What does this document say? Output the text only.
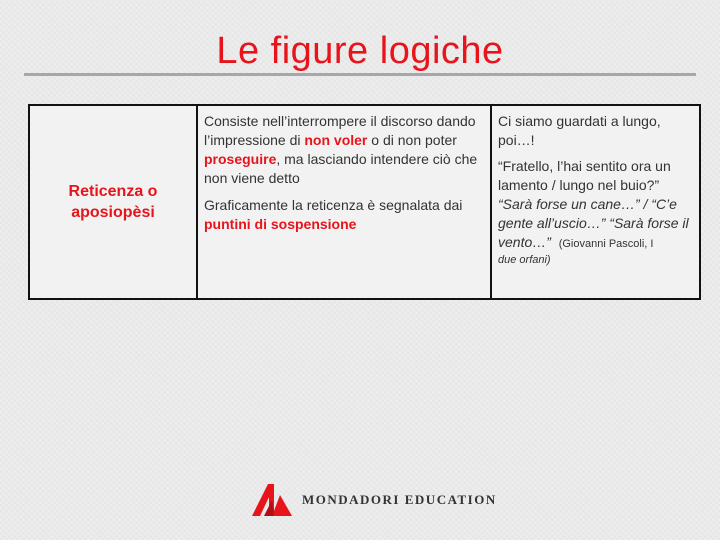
Le figure logiche
Reticenza o
aposiopèsi

Consiste nell’interrompere il discorso dando l’impressione di non voler o di non poter proseguire, ma lasciando intendere ciò che non viene detto
Graficamente la reticenza è segnalata dai puntini di sospensione

Ci siamo guardati a lungo, poi…!

“Fratello, l’hai sentito ora un lamento / lungo nel buio?” “Sarà forse un cane…” / “C’e gente all’uscio…” “Sarà forse il vento…” (Giovanni Pascoli, I
due orfani)

MONDADORI EDUCATION
